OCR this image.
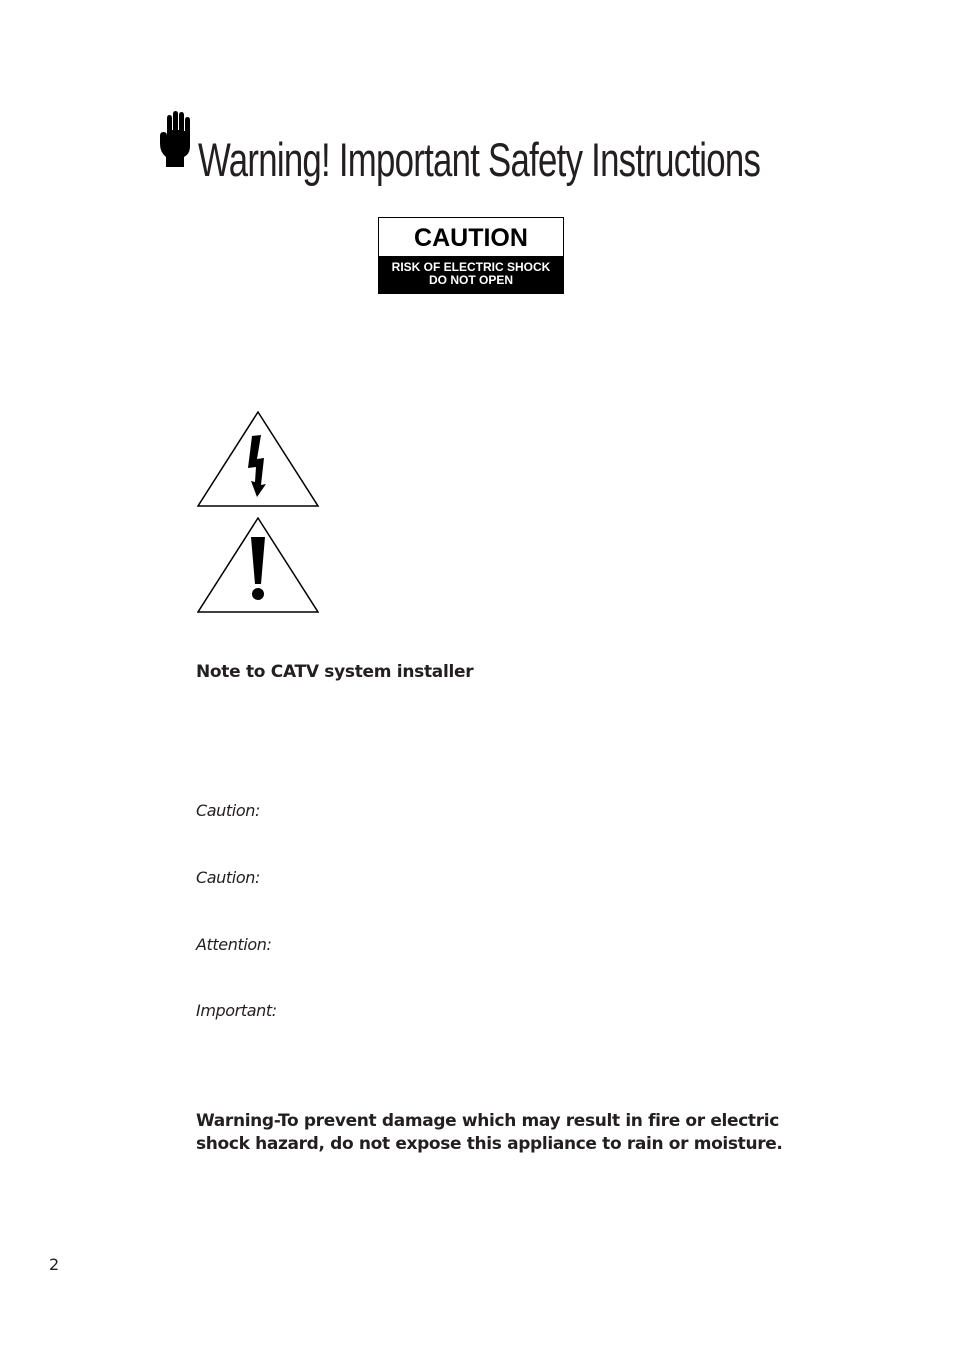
Warning! Important Safety Instructions
CAUTION
RISK OF ELECTRIC SHOCK
DO NOT OPEN
Note to CATV system installer
Caution:
Caution:
Attention:
Important:
Warning-To prevent damage which may result in fire or electric shock hazard, do not expose this appliance to rain or moisture.
2
